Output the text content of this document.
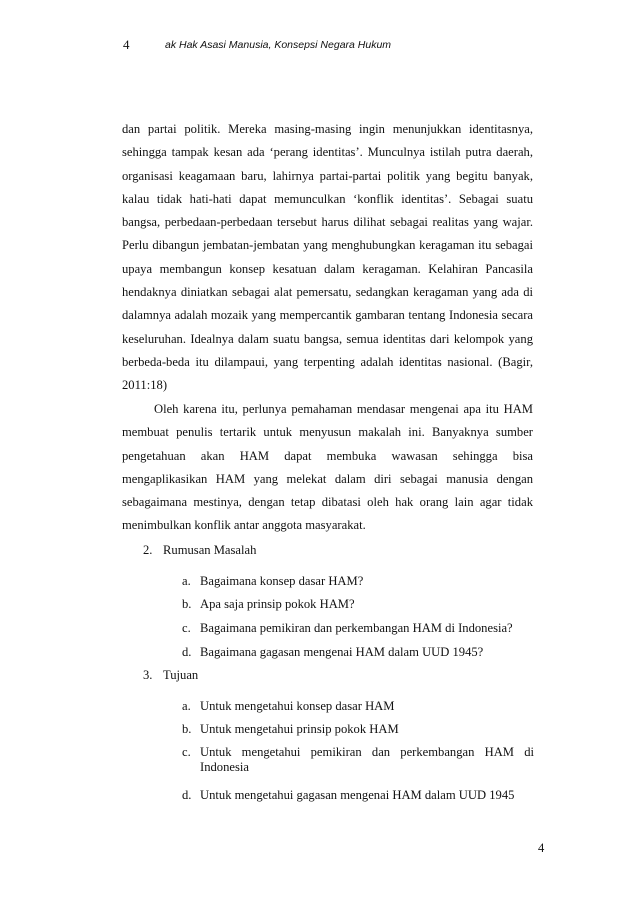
4	ak Hak Asasi Manusia, Konsepsi Negara Hukum
dan partai politik. Mereka masing-masing ingin menunjukkan identitasnya,
sehingga tampak kesan ada ‘perang identitas’. Munculnya istilah putra daerah,
organisasi keagamaan baru, lahirnya partai-partai politik yang begitu banyak,
kalau tidak hati-hati dapat memunculkan ‘konflik identitas’. Sebagai suatu
bangsa, perbedaan-perbedaan tersebut harus dilihat sebagai realitas yang wajar.
Perlu dibangun jembatan-jembatan yang menghubungkan keragaman itu sebagai
upaya membangun konsep kesatuan dalam keragaman. Kelahiran Pancasila
hendaknya diniatkan sebagai alat pemersatu, sedangkan keragaman yang ada di
dalamnya adalah mozaik yang mempercantik gambaran tentang Indonesia secara
keseluruhan. Idealnya dalam suatu bangsa, semua identitas dari kelompok yang
berbeda-beda itu dilampaui, yang terpenting adalah identitas nasional. (Bagir,
2011:18)
Oleh karena itu, perlunya pemahaman mendasar mengenai apa itu HAM
membuat penulis tertarik untuk menyusun makalah ini. Banyaknya sumber
pengetahuan akan HAM dapat membuka wawasan sehingga bisa
mengaplikasikan HAM yang melekat dalam diri sebagai manusia dengan
sebagaimana mestinya, dengan tetap dibatasi oleh hak orang lain agar tidak
menimbulkan konflik antar anggota masyarakat.
2. Rumusan Masalah
a. Bagaimana konsep dasar HAM?
b. Apa saja prinsip pokok HAM?
c. Bagaimana pemikiran dan perkembangan HAM di Indonesia?
d. Bagaimana gagasan mengenai HAM dalam UUD 1945?
3. Tujuan
a. Untuk mengetahui konsep dasar HAM
b. Untuk mengetahui prinsip pokok HAM
c. Untuk mengetahui pemikiran dan perkembangan HAM di
Indonesia
d. Untuk mengetahui gagasan mengenai HAM dalam UUD 1945
4
